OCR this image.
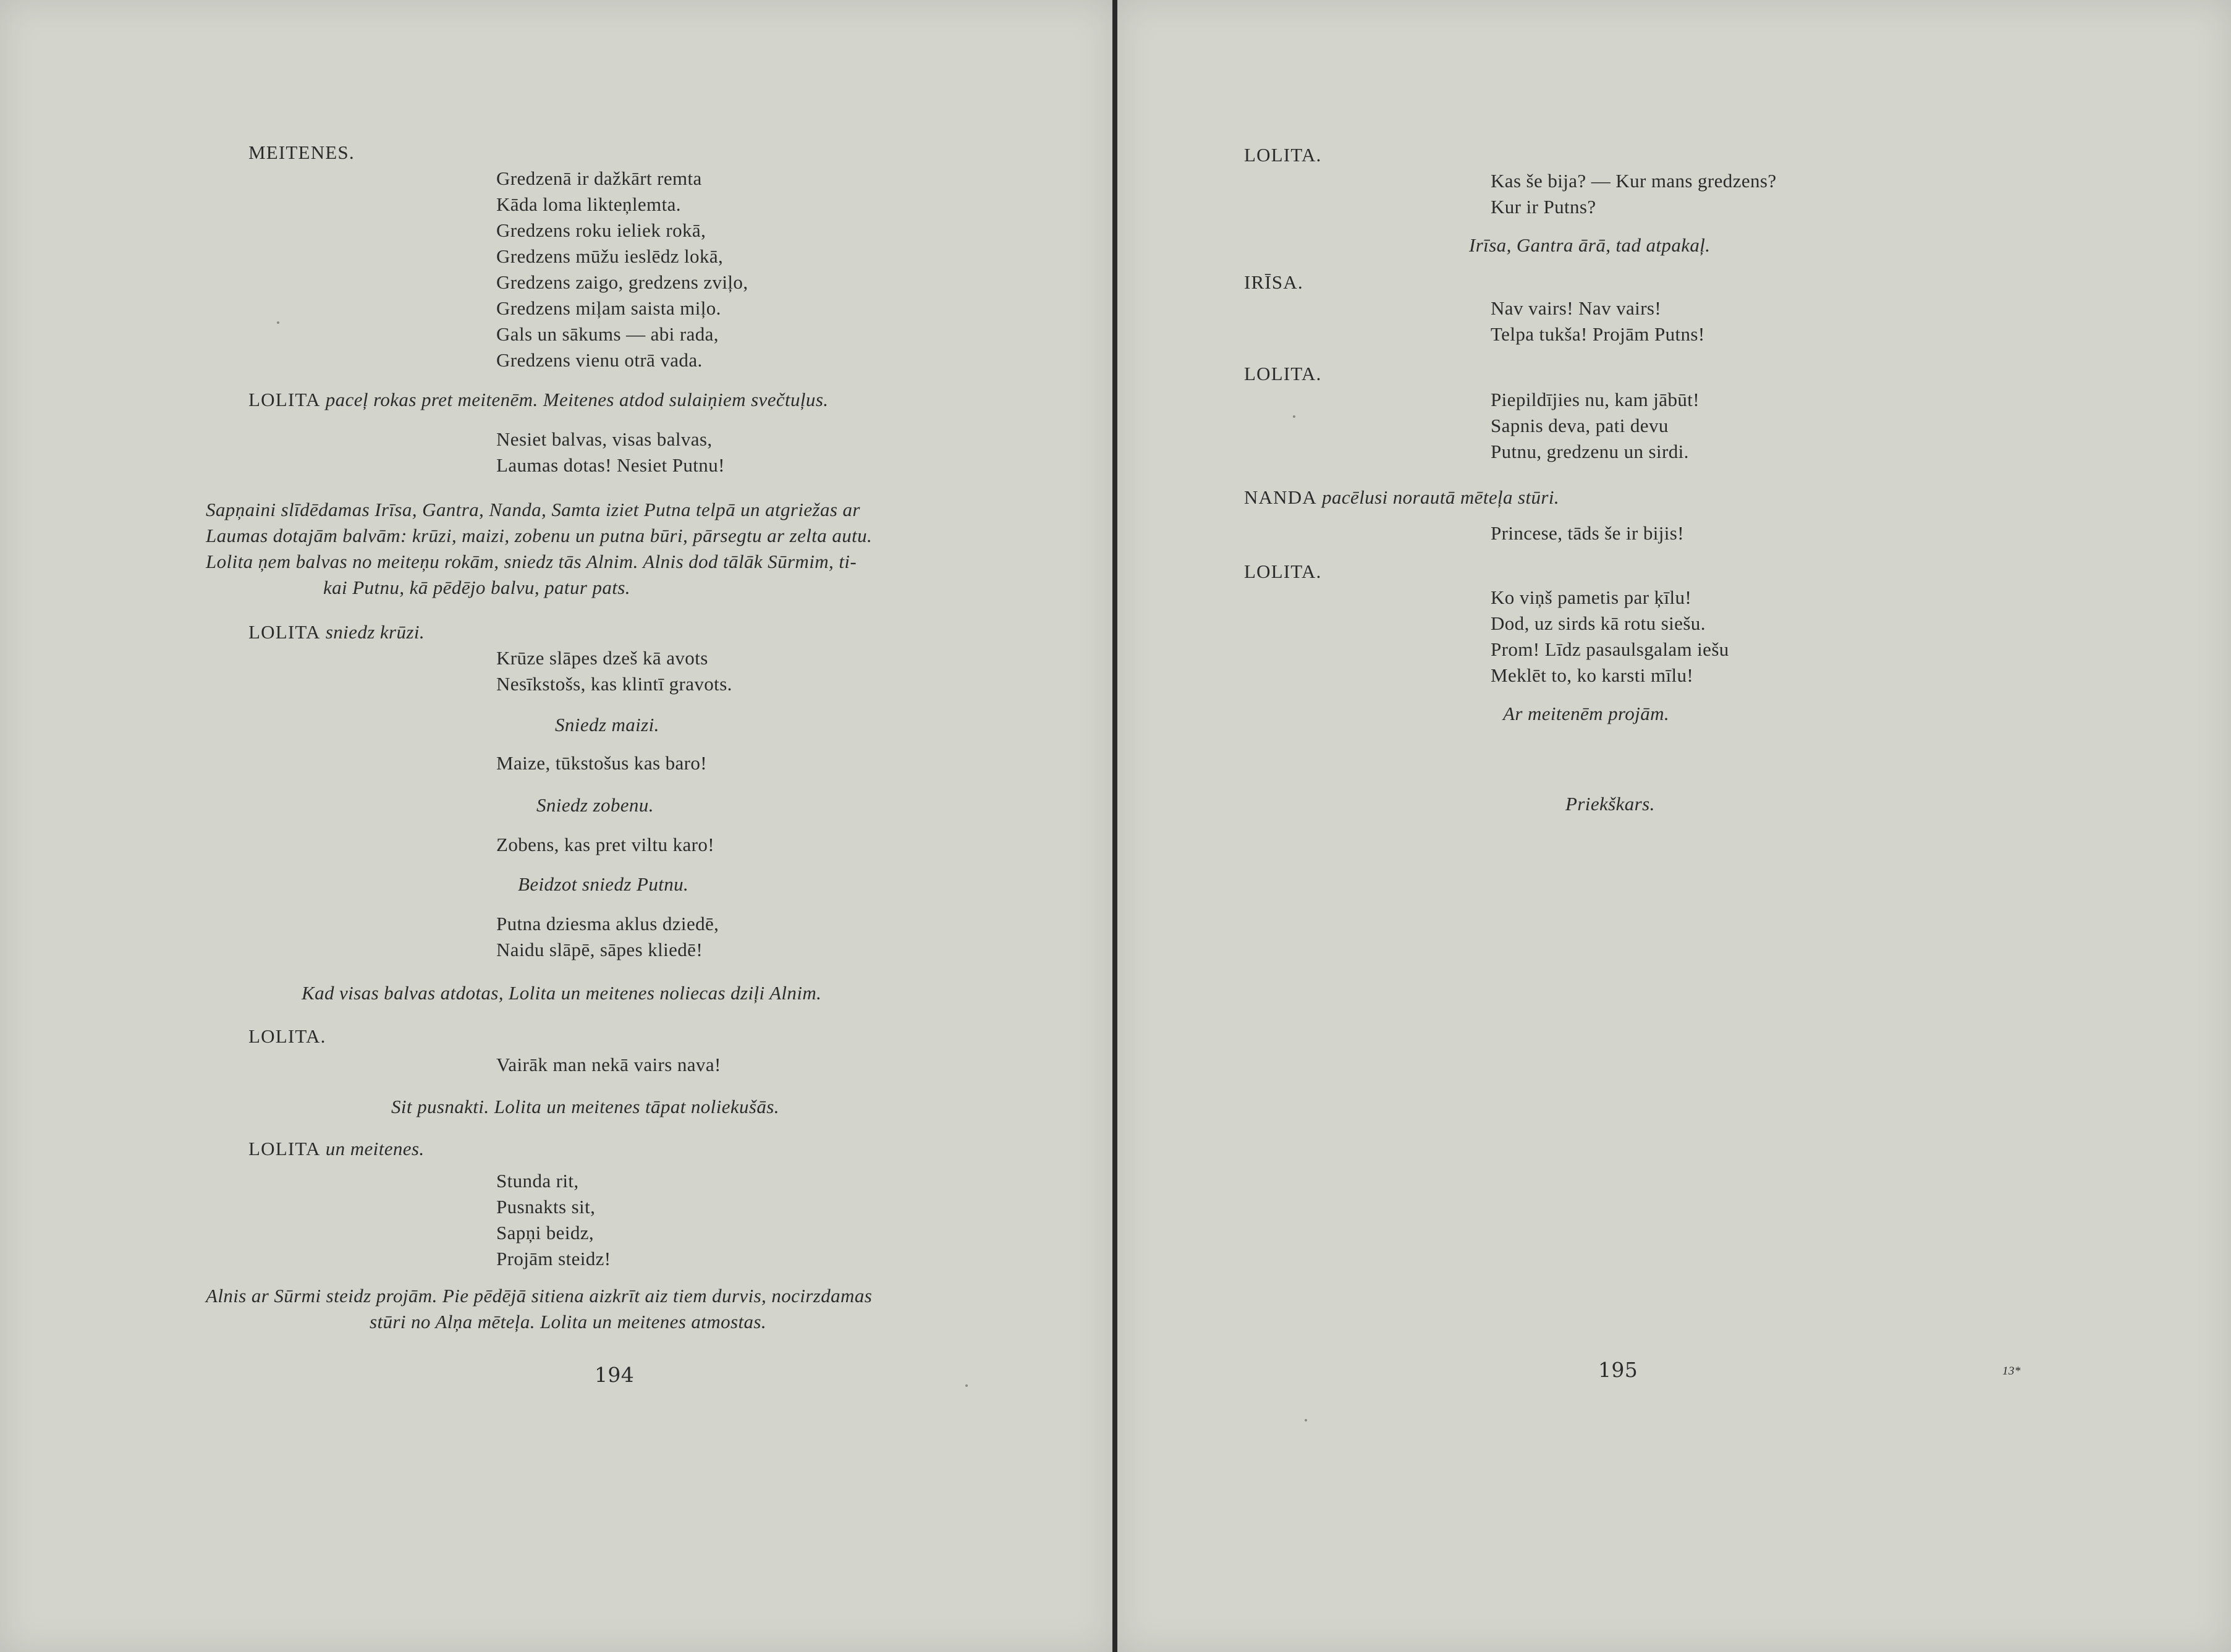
MEITENES.
Gredzenā ir dažkārt remta
Kāda loma likteņlemta.
Gredzens roku ieliek rokā,
Gredzens mūžu ieslēdz lokā,
Gredzens zaigo, gredzens zviļo,
Gredzens miļam saista miļo.
Gals un sākums — abi rada,
Gredzens vienu otrā vada.
LOLITA paceļ rokas pret meitenēm. Meitenes atdod sulaiņiem svečtuļus.
Nesiet balvas, visas balvas,
Laumas dotas! Nesiet Putnu!
Sapņaini slīdēdamas Irīsa, Gantra, Nanda, Samta iziet Putna telpā un atgriežas ar
Laumas dotajām balvām: krūzi, maizi, zobenu un putna būri, pārsegtu ar zelta autu.
Lolita ņem balvas no meiteņu rokām, sniedz tās Alnim. Alnis dod tālāk Sūrmim, ti-
kai Putnu, kā pēdējo balvu, patur pats.
LOLITA sniedz krūzi.
Krūze slāpes dzeš kā avots
Nesīkstošs, kas klintī gravots.
Sniedz maizi.
Maize, tūkstošus kas baro!
Sniedz zobenu.
Zobens, kas pret viltu karo!
Beidzot sniedz Putnu.
Putna dziesma aklus dziedē,
Naidu slāpē, sāpes kliedē!
Kad visas balvas atdotas, Lolita un meitenes noliecas dziļi Alnim.
LOLITA.
Vairāk man nekā vairs nava!
Sit pusnakti. Lolita un meitenes tāpat noliekušās.
LOLITA un meitenes.
Stunda rit,
Pusnakts sit,
Sapņi beidz,
Projām steidz!
Alnis ar Sūrmi steidz projām. Pie pēdējā sitiena aizkrīt aiz tiem durvis, nocirzdamas
stūri no Alņa mēteļa. Lolita un meitenes atmostas.
194
LOLITA.
Kas še bija? — Kur mans gredzens?
Kur ir Putns?
Irīsa, Gantra ārā, tad atpakaļ.
IRĪSA.
Nav vairs! Nav vairs!
Telpa tukša! Projām Putns!
LOLITA.
Piepildījies nu, kam jābūt!
Sapnis deva, pati devu
Putnu, gredzenu un sirdi.
NANDA pacēlusi norautā mēteļa stūri.
Princese, tāds še ir bijis!
LOLITA.
Ko viņš pametis par ķīlu!
Dod, uz sirds kā rotu siešu.
Prom! Līdz pasaulsgalam iešu
Meklēt to, ko karsti mīlu!
Ar meitenēm projām.
Priekškars.
195	13*
